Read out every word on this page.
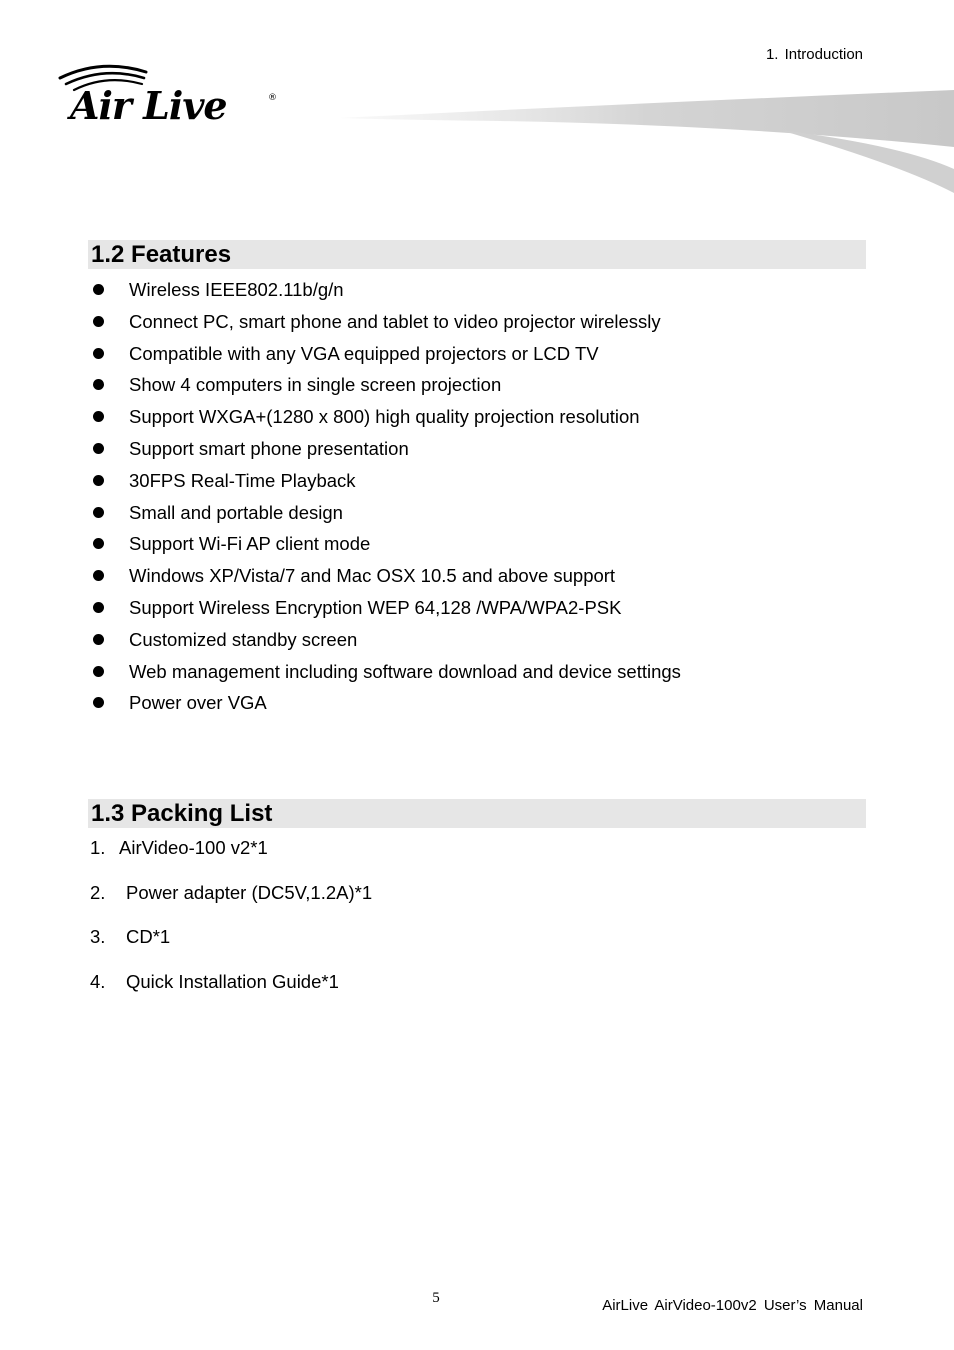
1. Introduction
Air Live	®
1.2 Features
Wireless IEEE802.11b/g/n
Connect PC, smart phone and tablet to video projector wirelessly
Compatible with any VGA equipped projectors or LCD TV
Show 4 computers in single screen projection
Support WXGA+(1280 x 800) high quality projection resolution
Support smart phone presentation
30FPS Real-Time Playback
Small and portable design
Support Wi-Fi AP client mode
Windows XP/Vista/7 and Mac OSX 10.5 and above support
Support Wireless Encryption WEP 64,128 /WPA/WPA2-PSK
Customized standby screen
Web management including software download and device settings
Power over VGA
1.3 Packing List
1. AirVideo-100 v2*1
2. Power adapter (DC5V,1.2A)*1
3. CD*1
4. Quick Installation Guide*1
5	AirLive AirVideo-100v2 User’s Manual
